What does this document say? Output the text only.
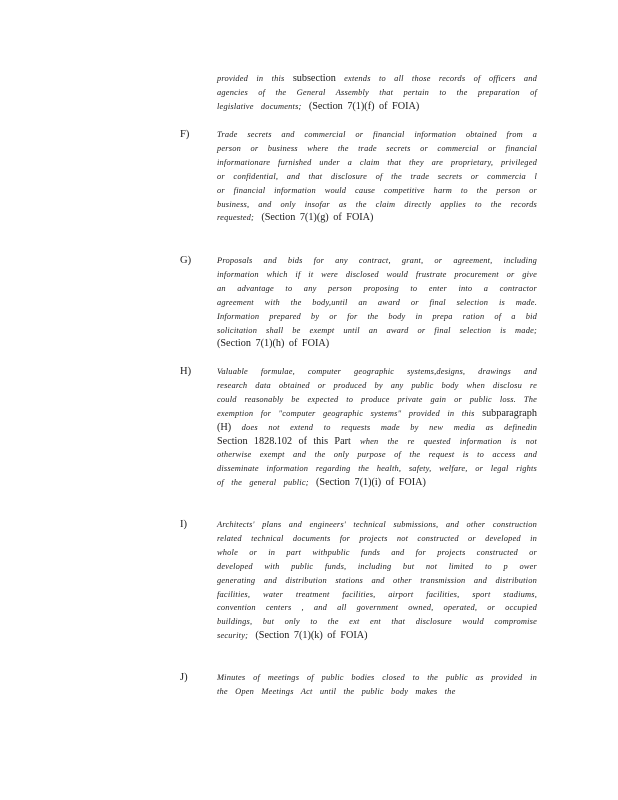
provided in this subsection extends to all those records of officers and agencies of the General Assembly that pertain to the preparation of legislative documents; (Section 7(1)(f) of FOIA)
F)	Trade secrets and commercial or financial information obtained from a person or business where the trade secrets or commercial or financial informationare furnished under a claim that they are proprietary, privileged or confidential, and that disclosure of the trade secrets or commercia l or financial information would cause competitive harm to the person or business, and only insofar as the claim directly applies to the records requested; (Section 7(1)(g) of FOIA)
G)	Proposals and bids for any contract, grant, or agreement, including information which if it were disclosed would frustrate procurement or give an advantage to any person proposing to enter into a contractor agreement with the body,until an award or final selection is made. Information prepared by or for the body in prepa ration of a bid solicitation shall be exempt until an award or final selection is made; (Section 7(1)(h) of FOIA)
H)	Valuable formulae, computer geographic systems,designs, drawings and research data obtained or produced by any public body when disclosu re could reasonably be expected to produce private gain or public loss. The exemption for "computer geographic systems" provided in this subparagraph (H) does not extend to requests made by new media as definedin Section 1828.102 of this Part when the re quested information is not otherwise exempt and the only purpose of the request is to access and disseminate information regarding the health, safety, welfare, or legal rights of the general public; (Section 7(1)(i) of FOIA)
I)	Architects' plans and engineers' technical submissions, and other construction related technical documents for projects not constructed or developed in whole or in part withpublic funds and for projects constructed or developed with public funds, including but not limited to p ower generating and distribution stations and other transmission and distribution facilities, water treatment facilities, airport facilities, sport stadiums, convention centers , and all government owned, operated, or occupied buildings, but only to the ext ent that disclosure would compromise security; (Section 7(1)(k) of FOIA)
J)	Minutes of meetings of public bodies closed to the public as provided in the Open Meetings Act until the public body makes the
